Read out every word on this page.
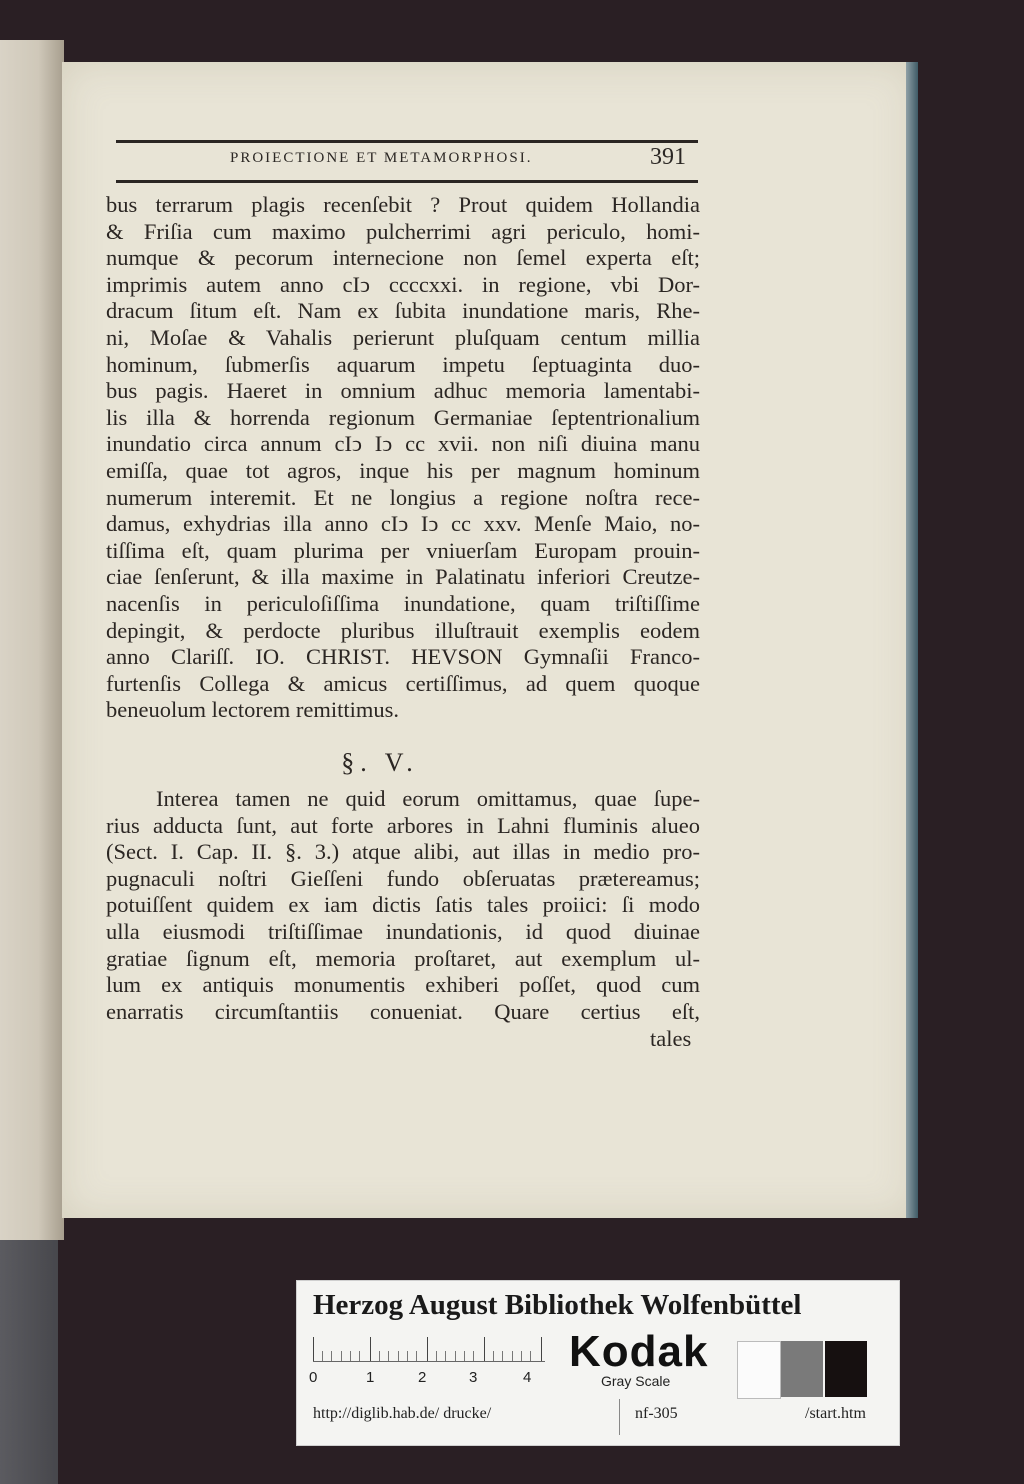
PROIECTIONE ET METAMORPHOSI.	391
bus terrarum plagis recenſebit ? Prout quidem Hollandia
& Friſia cum maximo pulcherrimi agri periculo, homi-
numque & pecorum internecione non ſemel experta eſt;
imprimis autem anno cIↄ ccccxxi. in regione, vbi Dor-
dracum ſitum eſt. Nam ex ſubita inundatione maris, Rhe-
ni, Moſae & Vahalis perierunt pluſquam centum millia
hominum, ſubmerſis aquarum impetu ſeptuaginta duo-
bus pagis. Haeret in omnium adhuc memoria lamentabi-
lis illa & horrenda regionum Germaniae ſeptentrionalium
inundatio circa annum cIↄ Iↄ cc xvii. non niſi diuina manu
emiſſa, quae tot agros, inque his per magnum hominum
numerum interemit. Et ne longius a regione noſtra rece-
damus, exhydrias illa anno cIↄ Iↄ cc xxv. Menſe Maio, no-
tiſſima eſt, quam plurima per vniuerſam Europam prouin-
ciae ſenſerunt, & illa maxime in Palatinatu inferiori Creutze-
nacenſis in periculoſiſſima inundatione, quam triſtiſſime
depingit, & perdocte pluribus illuſtrauit exemplis eodem
anno Clariſſ. IO. CHRIST. HEVSON Gymnaſii Franco-
furtenſis Collega & amicus certiſſimus, ad quem quoque
beneuolum lectorem remittimus.
§. V.
Interea tamen ne quid eorum omittamus, quae ſupe-
rius adducta ſunt, aut forte arbores in Lahni fluminis alueo
(Sect. I. Cap. II. §. 3.) atque alibi, aut illas in medio pro-
pugnaculi noſtri Gieſſeni fundo obſeruatas prætereamus;
potuiſſent quidem ex iam dictis ſatis tales proiici: ſi modo
ulla eiusmodi triſtiſſimae inundationis, id quod diuinae
gratiae ſignum eſt, memoria proſtaret, aut exemplum ul-
lum ex antiquis monumentis exhiberi poſſet, quod cum
enarratis circumſtantiis conueniat. Quare certius eſt,
tales
Herzog August Bibliothek Wolfenbüttel
0	1	2	3	4
Kodak
Gray Scale
http://diglib.hab.de/ drucke/	nf-305	/start.htm
